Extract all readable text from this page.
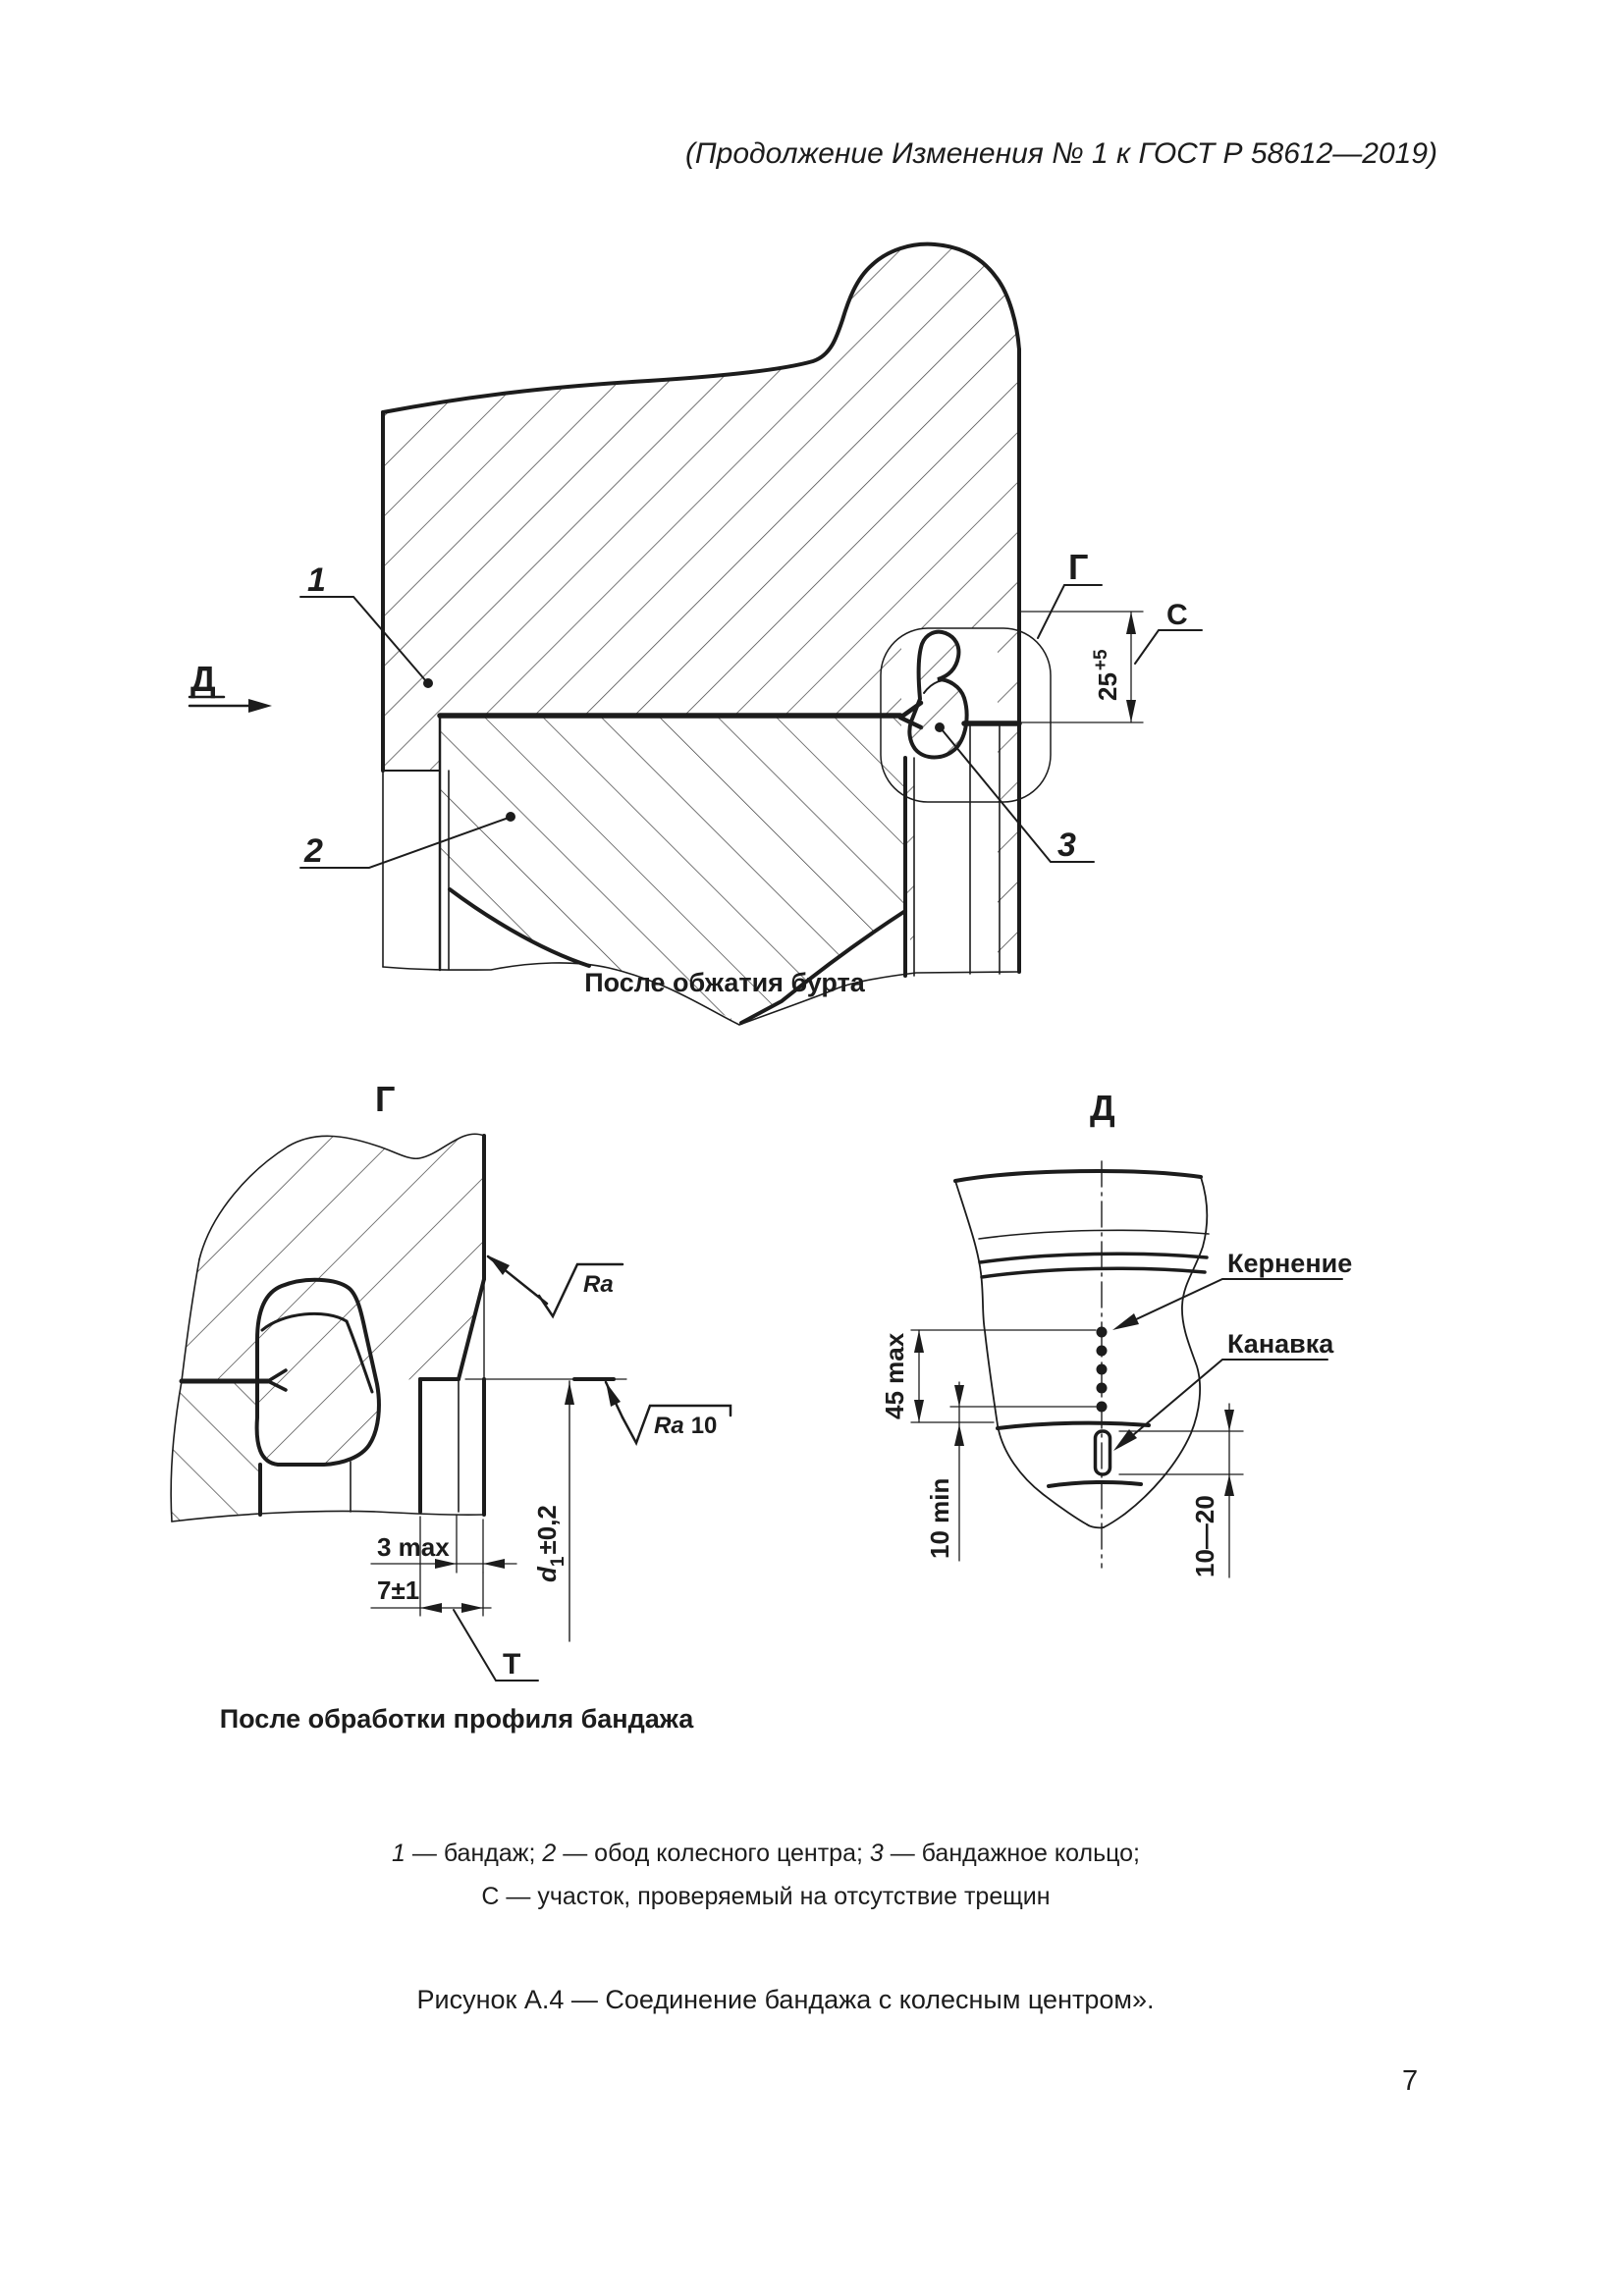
(Продолжение Изменения № 1 к ГОСТ Р 58612—2019)
1
2	3
Д
Г
С
$25^{+5}$
Г
Ra
Ra 10
3 max
7±1
Т
$d_1\pm 0,2$
Д
Кернение
Канавка
45 max
10 min	10—20
После обжатия бурта
После обработки профиля бандажа
1 — бандаж; 2 — обод колесного центра; 3 — бандажное кольцо;
С — участок, проверяемый на отсутствие трещин
Рисунок А.4 — Соединение бандажа с колесным центром».
7
